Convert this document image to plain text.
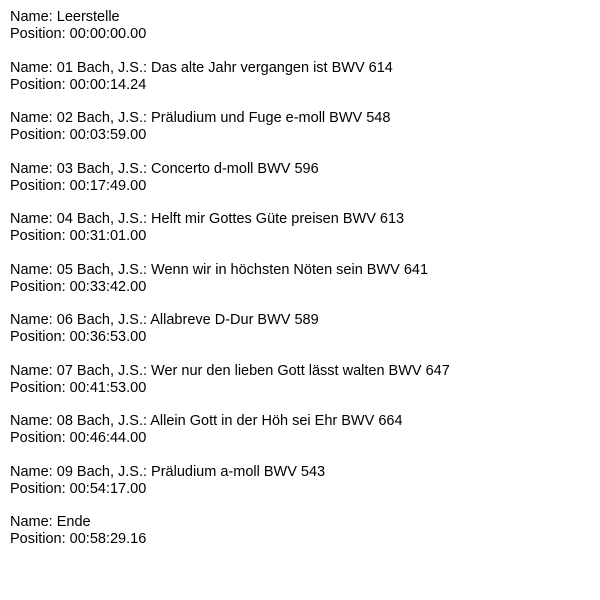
Name: Leerstelle
Position: 00:00:00.00
Name: 01 Bach, J.S.: Das alte Jahr vergangen ist BWV 614
Position: 00:00:14.24
Name: 02 Bach, J.S.: Präludium und Fuge e-moll BWV 548
Position: 00:03:59.00
Name: 03 Bach, J.S.: Concerto d-moll BWV 596
Position: 00:17:49.00
Name: 04 Bach, J.S.: Helft mir Gottes Güte preisen BWV 613
Position: 00:31:01.00
Name: 05 Bach, J.S.: Wenn wir in höchsten Nöten sein BWV 641
Position: 00:33:42.00
Name: 06 Bach, J.S.: Allabreve D-Dur BWV 589
Position: 00:36:53.00
Name: 07 Bach, J.S.: Wer nur den lieben Gott lässt walten BWV 647
Position: 00:41:53.00
Name: 08 Bach, J.S.: Allein Gott in der Höh sei Ehr BWV 664
Position: 00:46:44.00
Name: 09 Bach, J.S.: Präludium a-moll BWV 543
Position: 00:54:17.00
Name: Ende
Position: 00:58:29.16
